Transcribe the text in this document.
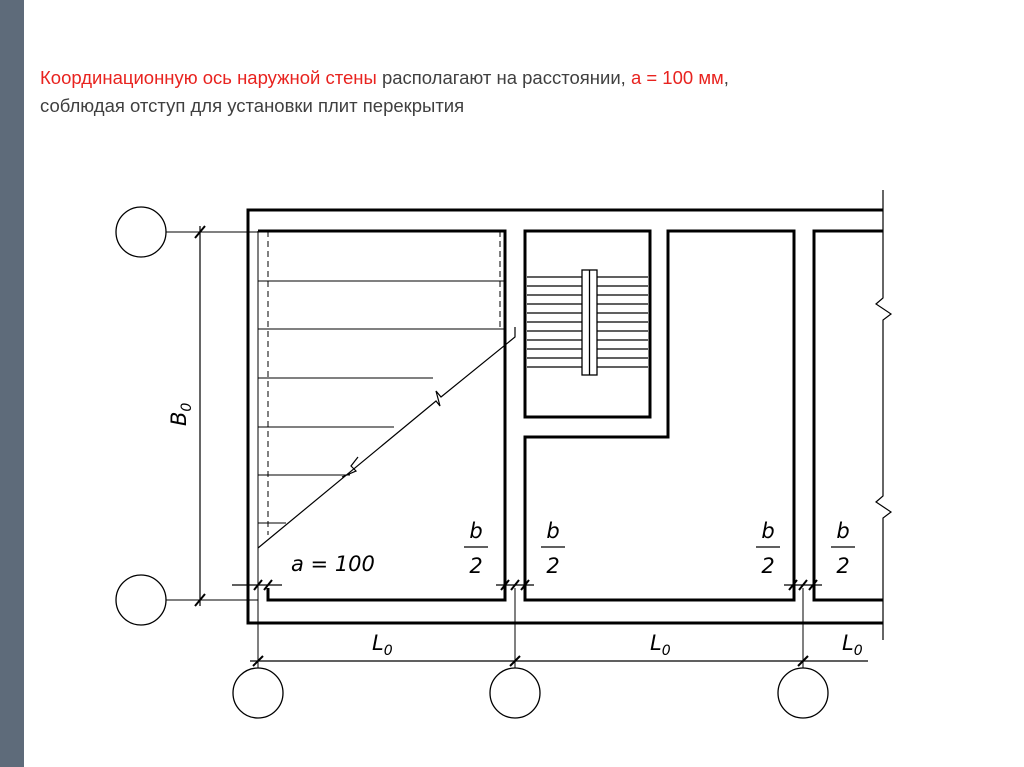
Координационную ось наружной стены располагают на расстоянии, а = 100 мм,
соблюдая отступ для установки плит перекрытия

$B_0$
a = 100
b
2
b
2
b
2
b
2
$L_0$	$L_0$	$L_0$
